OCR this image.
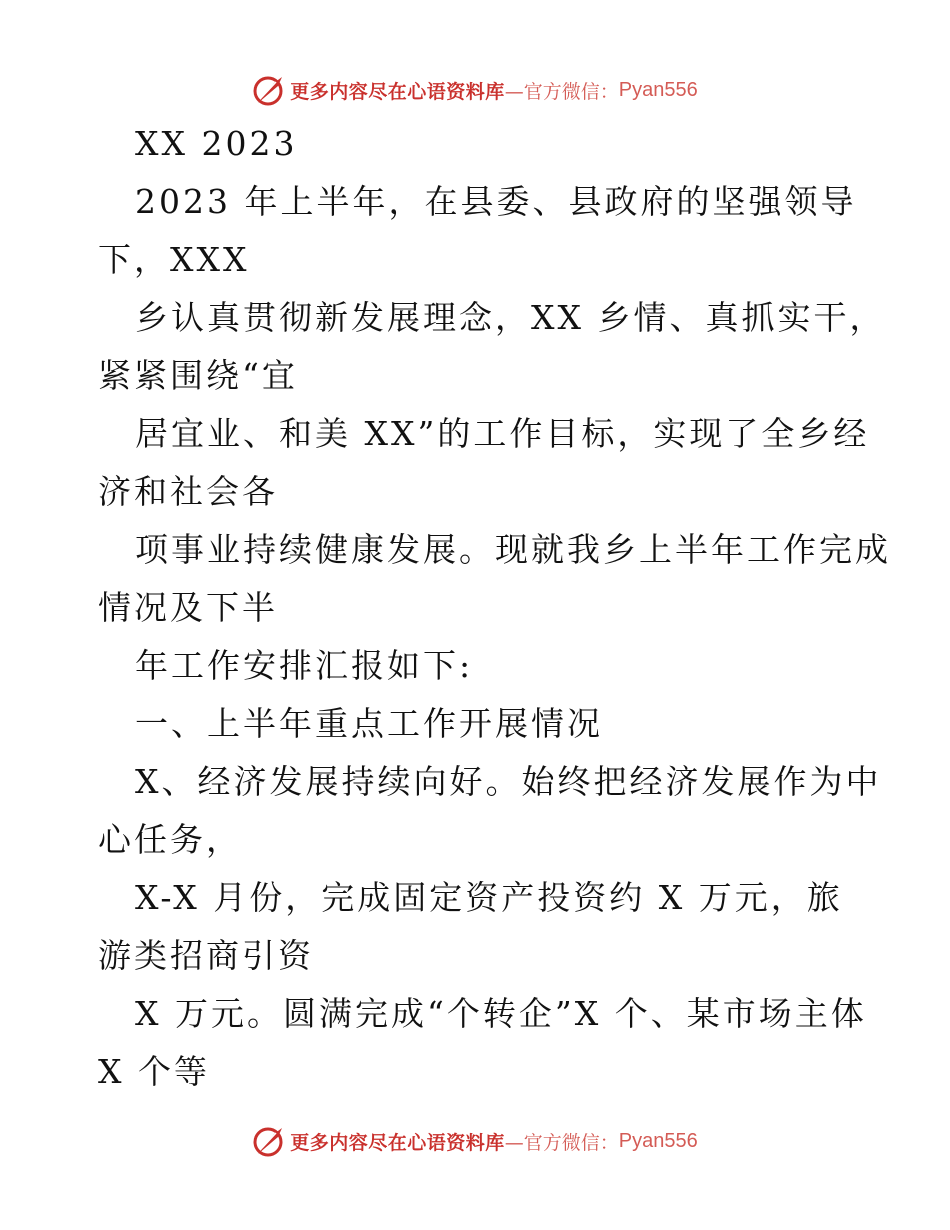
更多内容尽在心语资料库 —官方微信： Pyan556
XX 2023
2023 年上半年，在县委、县政府的坚强领导
下，XXX
乡认真贯彻新发展理念，XX 乡情、真抓实干，
紧紧围绕“宜
居宜业、和美 XX”的工作目标，实现了全乡经
济和社会各
项事业持续健康发展。现就我乡上半年工作完成
情况及下半
年工作安排汇报如下:
一、上半年重点工作开展情况
X、经济发展持续向好。始终把经济发展作为中
心任务，
X-X 月份，完成固定资产投资约 X 万元，旅
游类招商引资
X 万元。圆满完成“个转企”X 个、某市场主体
X 个等
更多内容尽在心语资料库 —官方微信： Pyan556
